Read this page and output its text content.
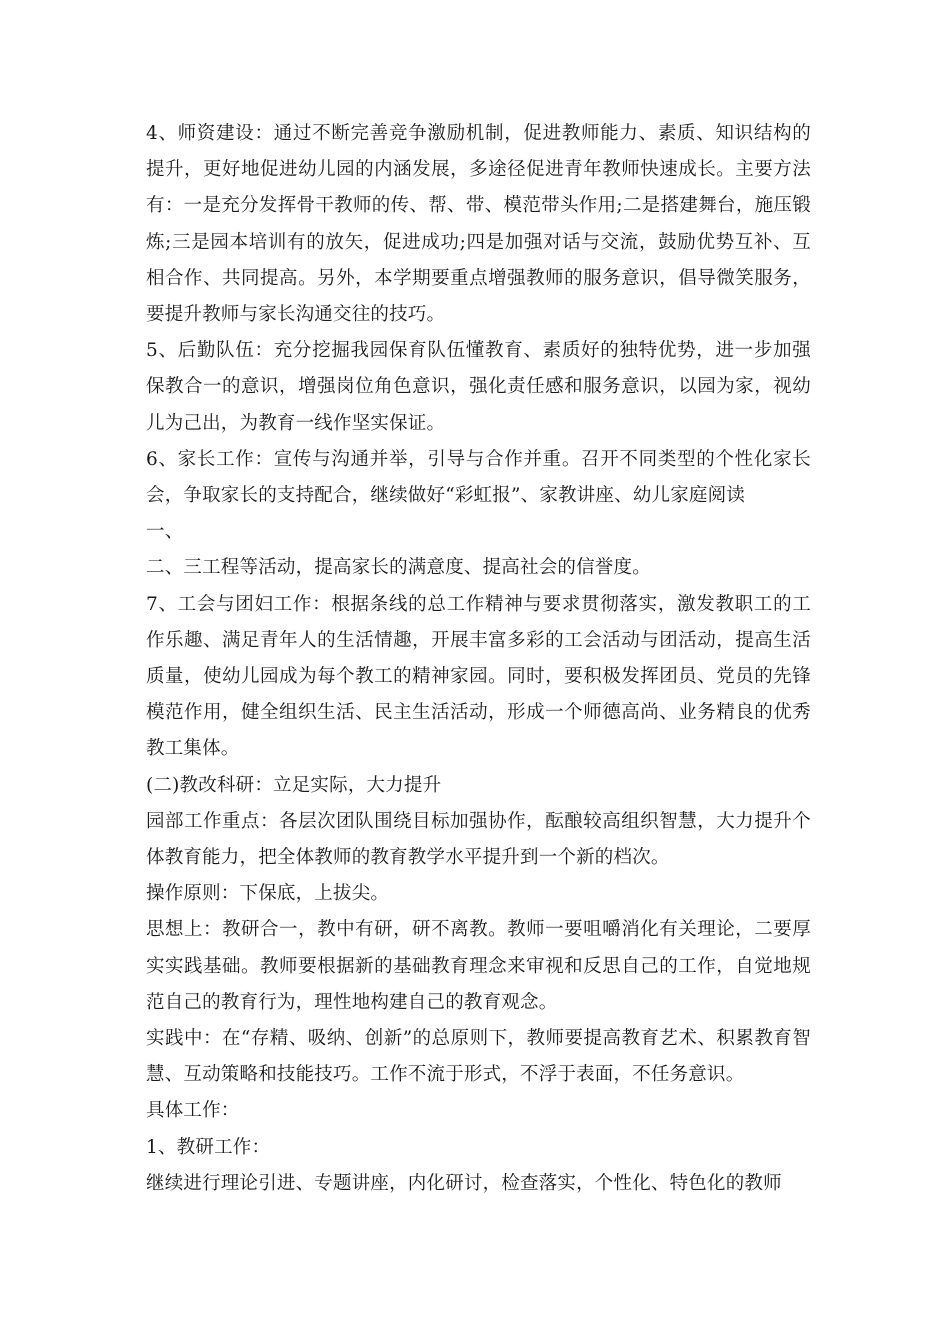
4、师资建设：通过不断完善竞争激励机制，促进教师能力、素质、知识结构的提升，更好地促进幼儿园的内涵发展，多途径促进青年教师快速成长。主要方法有：一是充分发挥骨干教师的传、帮、带、模范带头作用;二是搭建舞台，施压锻炼;三是园本培训有的放矢，促进成功;四是加强对话与交流，鼓励优势互补、互相合作、共同提高。另外，本学期要重点增强教师的服务意识，倡导微笑服务，要提升教师与家长沟通交往的技巧。

5、后勤队伍：充分挖掘我园保育队伍懂教育、素质好的独特优势，进一步加强保教合一的意识，增强岗位角色意识，强化责任感和服务意识，以园为家，视幼儿为己出，为教育一线作坚实保证。

6、家长工作：宣传与沟通并举，引导与合作并重。召开不同类型的个性化家长会，争取家长的支持配合，继续做好“彩虹报”、家教讲座、幼儿家庭阅读

一、

二、三工程等活动，提高家长的满意度、提高社会的信誉度。

7、工会与团妇工作：根据条线的总工作精神与要求贯彻落实，激发教职工的工作乐趣、满足青年人的生活情趣，开展丰富多彩的工会活动与团活动，提高生活质量，使幼儿园成为每个教工的精神家园。同时，要积极发挥团员、党员的先锋模范作用，健全组织生活、民主生活活动，形成一个师德高尚、业务精良的优秀教工集体。

(二)教改科研：立足实际，大力提升

园部工作重点：各层次团队围绕目标加强协作，酝酿较高组织智慧，大力提升个体教育能力，把全体教师的教育教学水平提升到一个新的档次。

操作原则：下保底，上拔尖。

思想上：教研合一，教中有研，研不离教。教师一要咀嚼消化有关理论，二要厚实实践基础。教师要根据新的基础教育理念来审视和反思自己的工作，自觉地规范自己的教育行为，理性地构建自己的教育观念。

实践中：在“存精、吸纳、创新”的总原则下，教师要提高教育艺术、积累教育智慧、互动策略和技能技巧。工作不流于形式，不浮于表面，不任务意识。

具体工作：

1、教研工作：

继续进行理论引进、专题讲座，内化研讨，检查落实，个性化、特色化的教师
